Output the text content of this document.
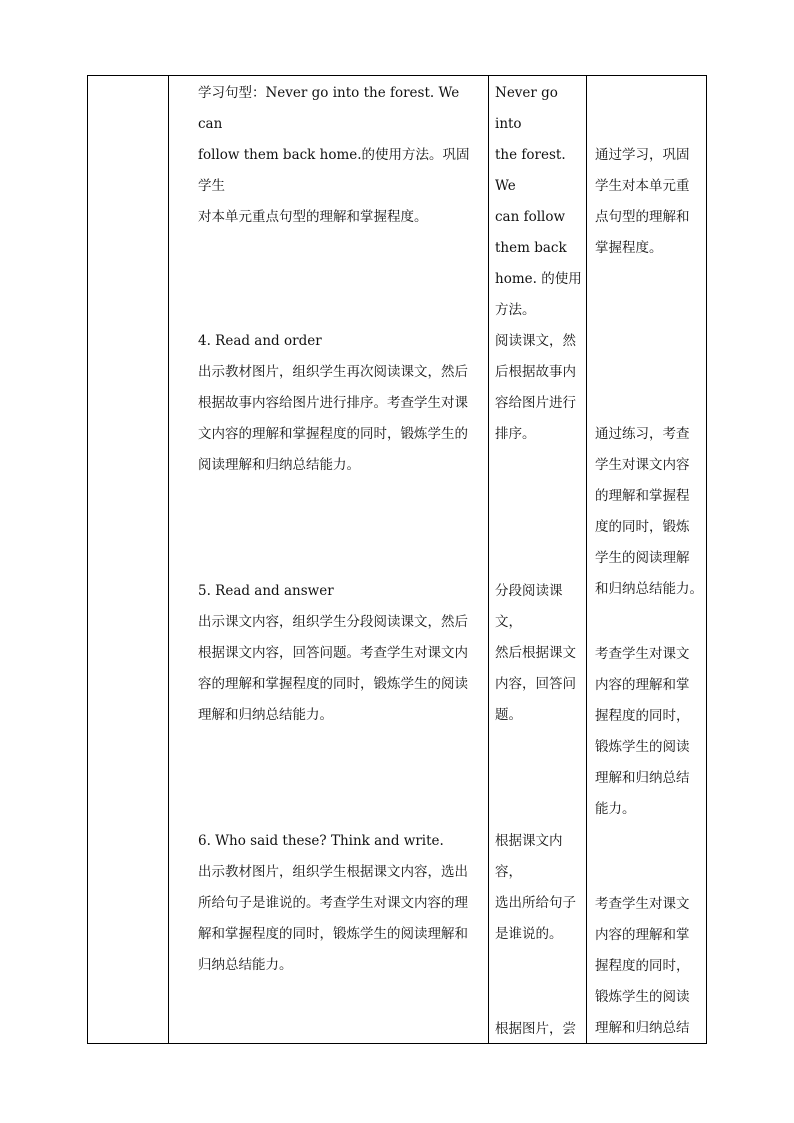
学习句型：Never go into the forest. We can
follow them back home.的使用方法。巩固学生
对本单元重点句型的理解和掌握程度。
4. Read and order
出示教材图片，组织学生再次阅读课文，然后
根据故事内容给图片进行排序。考查学生对课
文内容的理解和掌握程度的同时，锻炼学生的
阅读理解和归纳总结能力。
5. Read and answer
出示课文内容，组织学生分段阅读课文，然后
根据课文内容，回答问题。考查学生对课文内
容的理解和掌握程度的同时，锻炼学生的阅读
理解和归纳总结能力。
6. Who said these? Think and write.
出示教材图片，组织学生根据课文内容，选出
所给句子是谁说的。考查学生对课文内容的理
解和掌握程度的同时，锻炼学生的阅读理解和
归纳总结能力。
Never go into
the forest. We
can follow
them back
home. 的使用
方法。
阅读课文，然
后根据故事内
容给图片进行
排序。
分段阅读课文，
然后根据课文
内容，回答问
题。
根据课文内容，
选出所给句子
是谁说的。
根据图片，尝
通过学习，巩固
学生对本单元重
点句型的理解和
掌握程度。
通过练习，考查
学生对课文内容
的理解和掌握程
度的同时，锻炼
学生的阅读理解
和归纳总结能力。
考查学生对课文
内容的理解和掌
握程度的同时，
锻炼学生的阅读
理解和归纳总结
能力。
考查学生对课文
内容的理解和掌
握程度的同时，
锻炼学生的阅读
理解和归纳总结
